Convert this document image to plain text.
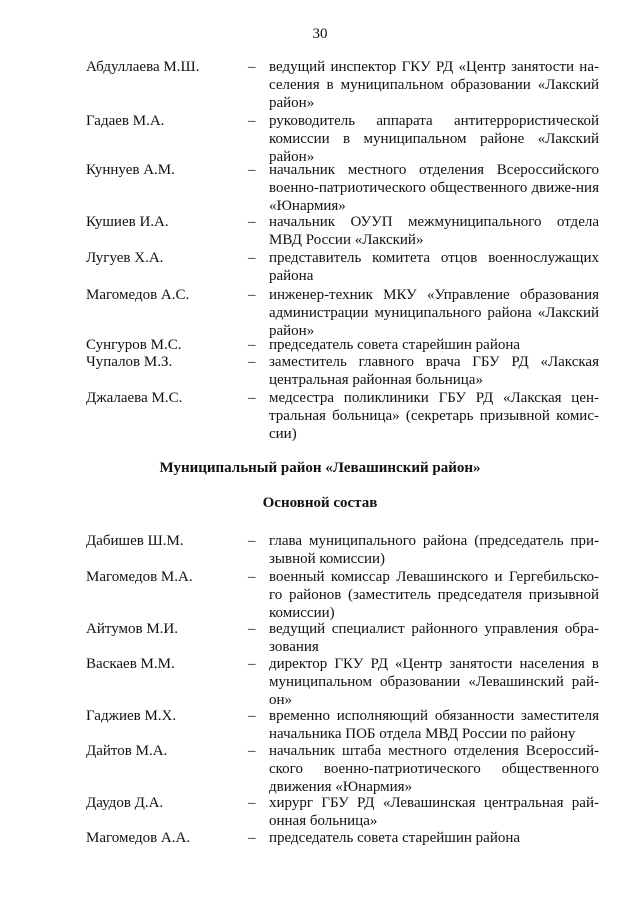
30
Абдуллаева М.Ш.	– ведущий инспектор ГКУ РД «Центр занятости на-селения в муниципальном образовании «Лакский район»
Гадаев М.А.	– руководитель аппарата антитеррористической комиссии в муниципальном районе «Лакский район»
Куннуев А.М.	– начальник местного отделения Всероссийского военно-патриотического общественного движе-ния «Юнармия»
Кушиев И.А.	– начальник ОУУП межмуниципального отдела МВД России «Лакский»
Лугуев Х.А.	– представитель комитета отцов военнослужащих района
Магомедов А.С.	– инженер-техник МКУ «Управление образования администрации муниципального района «Лакский район»
Сунгуров М.С.	– председатель совета старейшин района
Чупалов М.З.	– заместитель главного врача ГБУ РД «Лакская центральная районная больница»
Джалаева М.С.	– медсестра поликлиники ГБУ РД «Лакская цен-тральная больница» (секретарь призывной комис-сии)
Муниципальный район «Левашинский район»
Основной состав
Дабишев Ш.М.	– глава муниципального района (председатель при-зывной комиссии)
Магомедов М.А.	– военный комиссар Левашинского и Гергебильско-го районов (заместитель председателя призывной комиссии)
Айтумов М.И.	– ведущий специалист районного управления обра-зования
Васкаев М.М.	– директор ГКУ РД «Центр занятости населения в муниципальном образовании «Левашинский рай-он»
Гаджиев М.Х.	– временно исполняющий обязанности заместителя начальника ПОБ отдела МВД России по району
Дайтов М.А.	– начальник штаба местного отделения Всероссий-ского военно-патриотического общественного движения «Юнармия»
Даудов Д.А.	– хирург ГБУ РД «Левашинская центральная рай-онная больница»
Магомедов А.А.	– председатель совета старейшин района
